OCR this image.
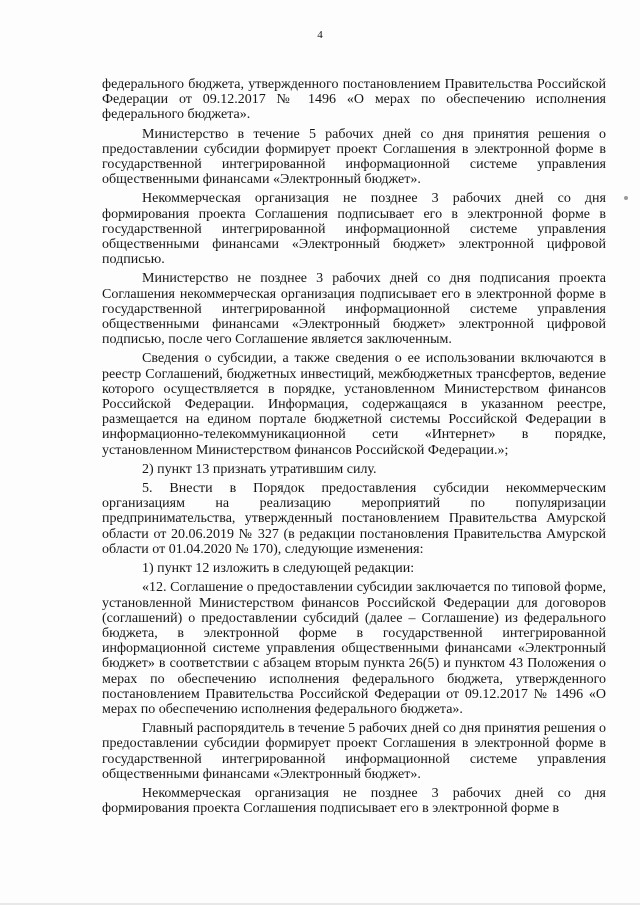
4

федерального бюджета, утвержденного постановлением Правительства Российской Федерации от 09.12.2017 № 1496 «О мерах по обеспечению исполнения федерального бюджета».

Министерство в течение 5 рабочих дней со дня принятия решения о предоставлении субсидии формирует проект Соглашения в электронной форме в государственной интегрированной информационной системе управления общественными финансами «Электронный бюджет».

Некоммерческая организация не позднее 3 рабочих дней со дня формирования проекта Соглашения подписывает его в электронной форме в государственной интегрированной информационной системе управления общественными финансами «Электронный бюджет» электронной цифровой подписью.

Министерство не позднее 3 рабочих дней со дня подписания проекта Соглашения некоммерческая организация подписывает его в электронной форме в государственной интегрированной информационной системе управления общественными финансами «Электронный бюджет» электронной цифровой подписью, после чего Соглашение является заключенным.

Сведения о субсидии, а также сведения о ее использовании включаются в реестр Соглашений, бюджетных инвестиций, межбюджетных трансфертов, ведение которого осуществляется в порядке, установленном Министерством финансов Российской Федерации. Информация, содержащаяся в указанном реестре, размещается на едином портале бюджетной системы Российской Федерации в информационно-телекоммуникационной сети «Интернет» в порядке, установленном Министерством финансов Российской Федерации.»;

2) пункт 13 признать утратившим силу.

5. Внести в Порядок предоставления субсидии некоммерческим организациям на реализацию мероприятий по популяризации предпринимательства, утвержденный постановлением Правительства Амурской области от 20.06.2019 № 327 (в редакции постановления Правительства Амурской области от 01.04.2020 № 170), следующие изменения:

1) пункт 12 изложить в следующей редакции:

«12. Соглашение о предоставлении субсидии заключается по типовой форме, установленной Министерством финансов Российской Федерации для договоров (соглашений) о предоставлении субсидий (далее – Соглашение) из федерального бюджета, в электронной форме в государственной интегрированной информационной системе управления общественными финансами «Электронный бюджет» в соответствии с абзацем вторым пункта 26(5) и пунктом 43 Положения о мерах по обеспечению исполнения федерального бюджета, утвержденного постановлением Правительства Российской Федерации от 09.12.2017 № 1496 «О мерах по обеспечению исполнения федерального бюджета».

Главный распорядитель в течение 5 рабочих дней со дня принятия решения о предоставлении субсидии формирует проект Соглашения в электронной форме в государственной интегрированной информационной системе управления общественными финансами «Электронный бюджет».

Некоммерческая организация не позднее 3 рабочих дней со дня формирования проекта Соглашения подписывает его в электронной форме в
